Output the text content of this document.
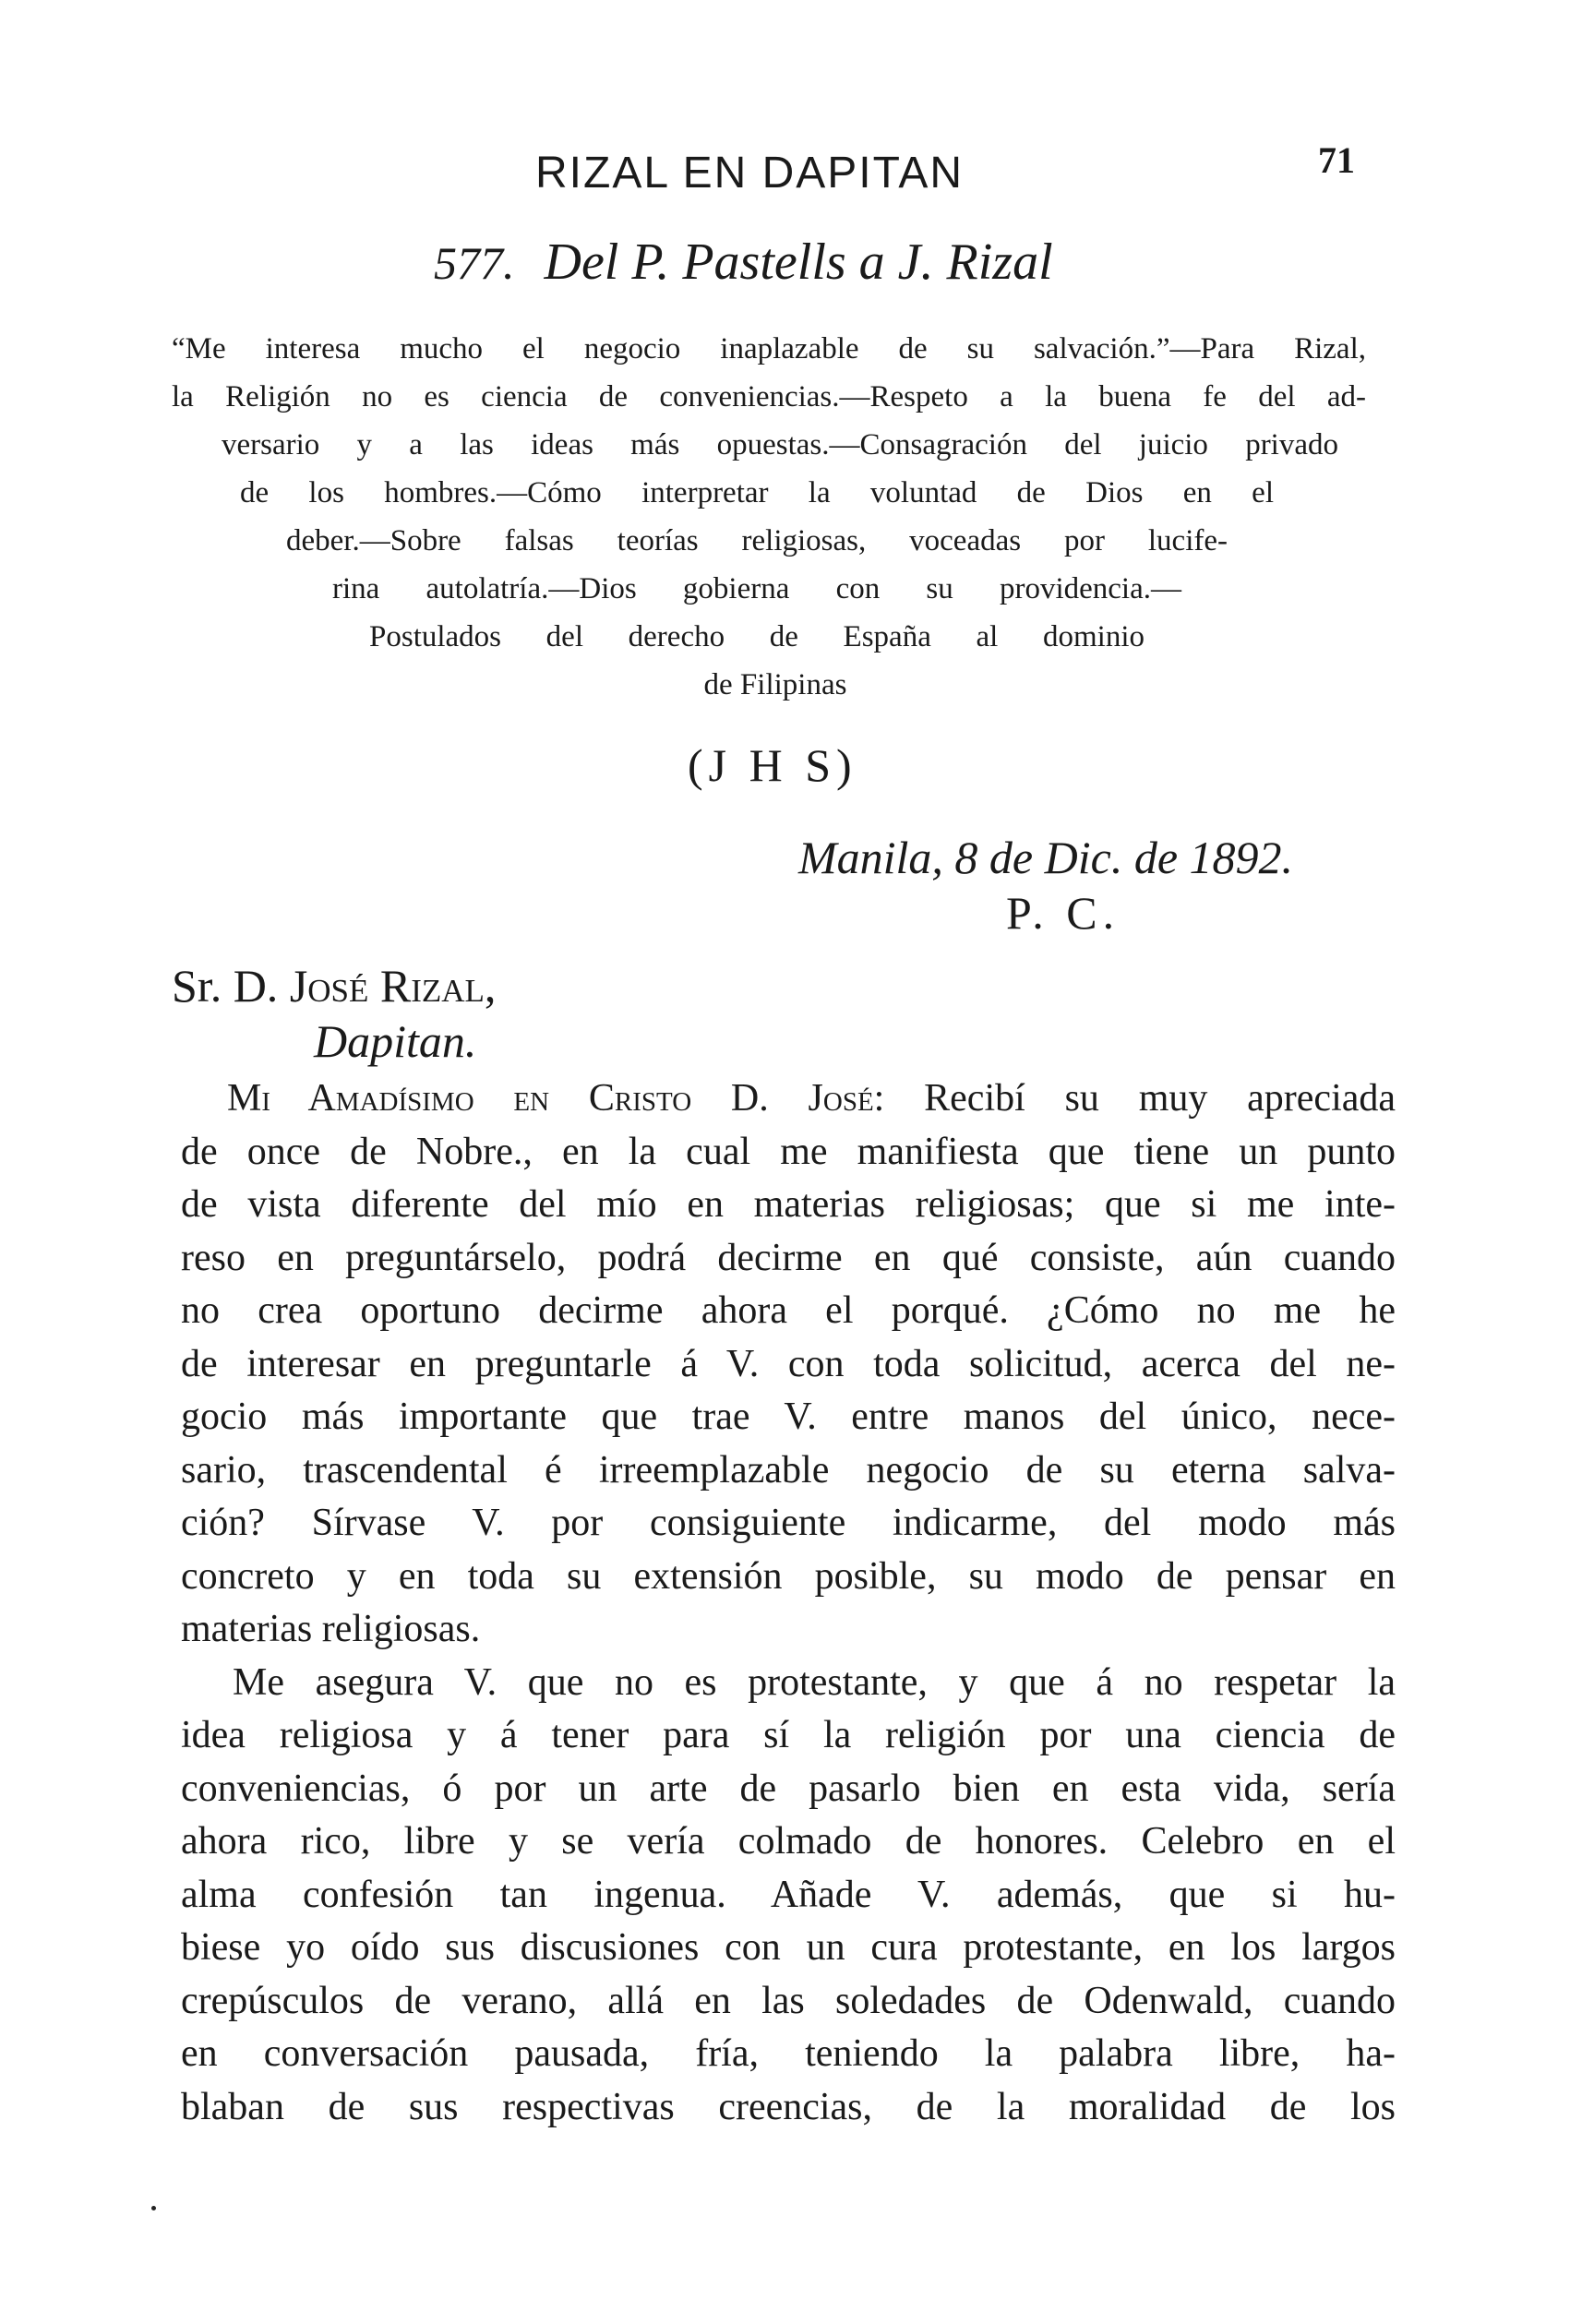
RIZAL EN DAPITAN	71
577. Del P. Pastells a J. Rizal
“Me interesa mucho el negocio inaplazable de su salvación.”—Para Rizal,
la Religión no es ciencia de conveniencias.—Respeto a la buena fe del ad-
versario y a las ideas más opuestas.—Consagración del juicio privado
de los hombres.—Cómo interpretar la voluntad de Dios en el
deber.—Sobre falsas teorías religiosas, voceadas por lucife-
rina autolatría.—Dios gobierna con su providencia.—
Postulados del derecho de España al dominio
de Filipinas
(J H S)
Manila, 8 de Dic. de 1892.
P. C.
Sr. D. José Rizal,
Dapitan.
Mi Amadísimo en Cristo D. José: Recibí su muy apreciada
de once de Nobre., en la cual me manifiesta que tiene un punto
de vista diferente del mío en materias religiosas; que si me inte-
reso en preguntárselo, podrá decirme en qué consiste, aún cuando
no crea oportuno decirme ahora el porqué. ¿Cómo no me he
de interesar en preguntarle á V. con toda solicitud, acerca del ne-
gocio más importante que trae V. entre manos del único, nece-
sario, trascendental é irreemplazable negocio de su eterna salva-
ción? Sírvase V. por consiguiente indicarme, del modo más
concreto y en toda su extensión posible, su modo de pensar en
materias religiosas.
Me asegura V. que no es protestante, y que á no respetar la
idea religiosa y á tener para sí la religión por una ciencia de
conveniencias, ó por un arte de pasarlo bien en esta vida, sería
ahora rico, libre y se vería colmado de honores. Celebro en el
alma confesión tan ingenua. Añade V. además, que si hu-
biese yo oído sus discusiones con un cura protestante, en los largos
crepúsculos de verano, allá en las soledades de Odenwald, cuando
en conversación pausada, fría, teniendo la palabra libre, ha-
blaban de sus respectivas creencias, de la moralidad de los
